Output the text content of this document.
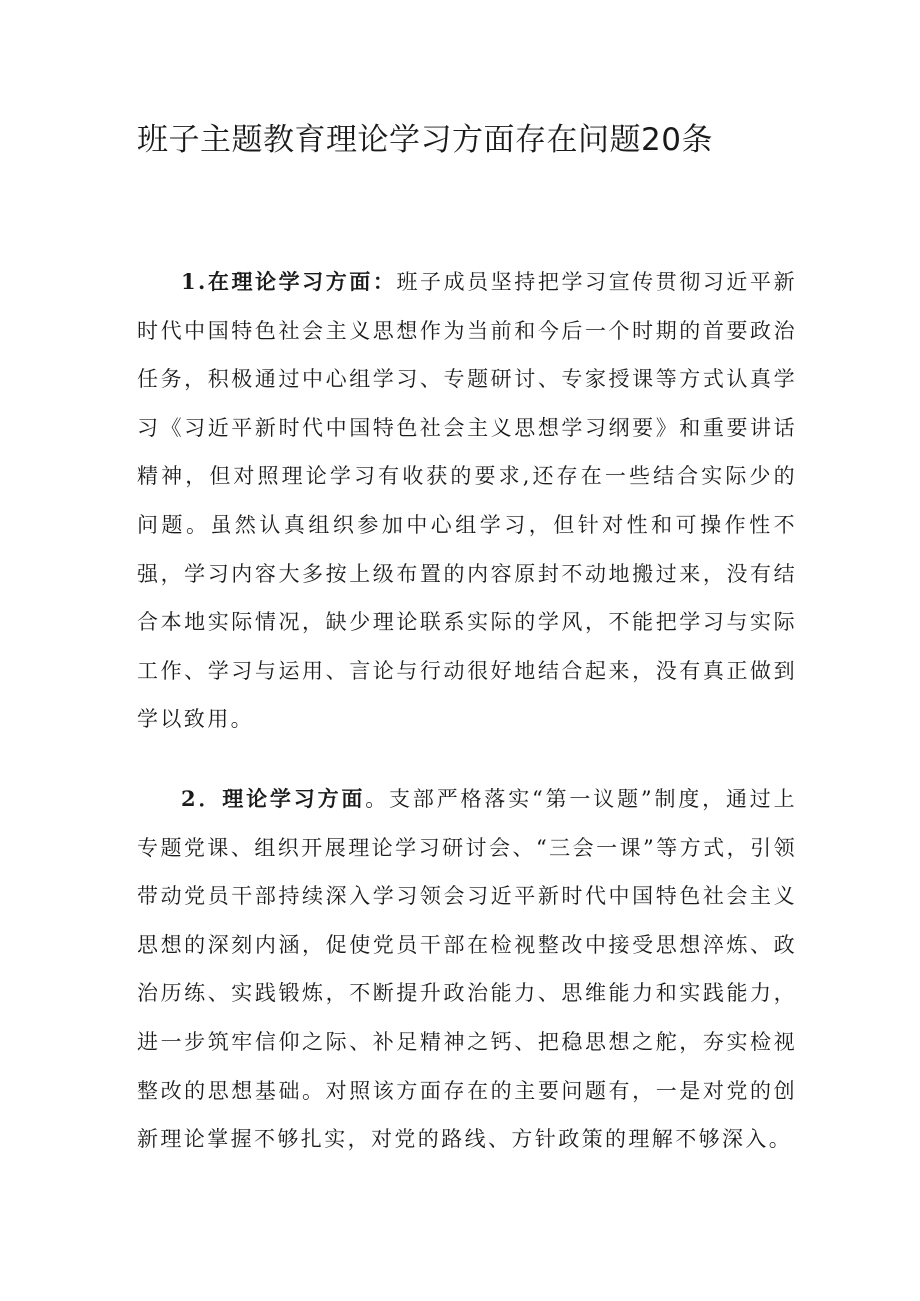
班子主题教育理论学习方面存在问题20条

1.在理论学习方面：班子成员坚持把学习宣传贯彻习近平新时代中国特色社会主义思想作为当前和今后一个时期的首要政治任务，积极通过中心组学习、专题研讨、专家授课等方式认真学习《习近平新时代中国特色社会主义思想学习纲要》和重要讲话精神，但对照理论学习有收获的要求,还存在一些结合实际少的问题。虽然认真组织参加中心组学习，但针对性和可操作性不强，学习内容大多按上级布置的内容原封不动地搬过来，没有结合本地实际情况，缺少理论联系实际的学风，不能把学习与实际工作、学习与运用、言论与行动很好地结合起来，没有真正做到学以致用。

2．理论学习方面。支部严格落实“第一议题”制度，通过上专题党课、组织开展理论学习研讨会、“三会一课”等方式，引领带动党员干部持续深入学习领会习近平新时代中国特色社会主义思想的深刻内涵，促使党员干部在检视整改中接受思想淬炼、政治历练、实践锻炼，不断提升政治能力、思维能力和实践能力，进一步筑牢信仰之际、补足精神之钙、把稳思想之舵，夯实检视整改的思想基础。对照该方面存在的主要问题有，一是对党的创新理论掌握不够扎实，对党的路线、方针政策的理解不够深入。
